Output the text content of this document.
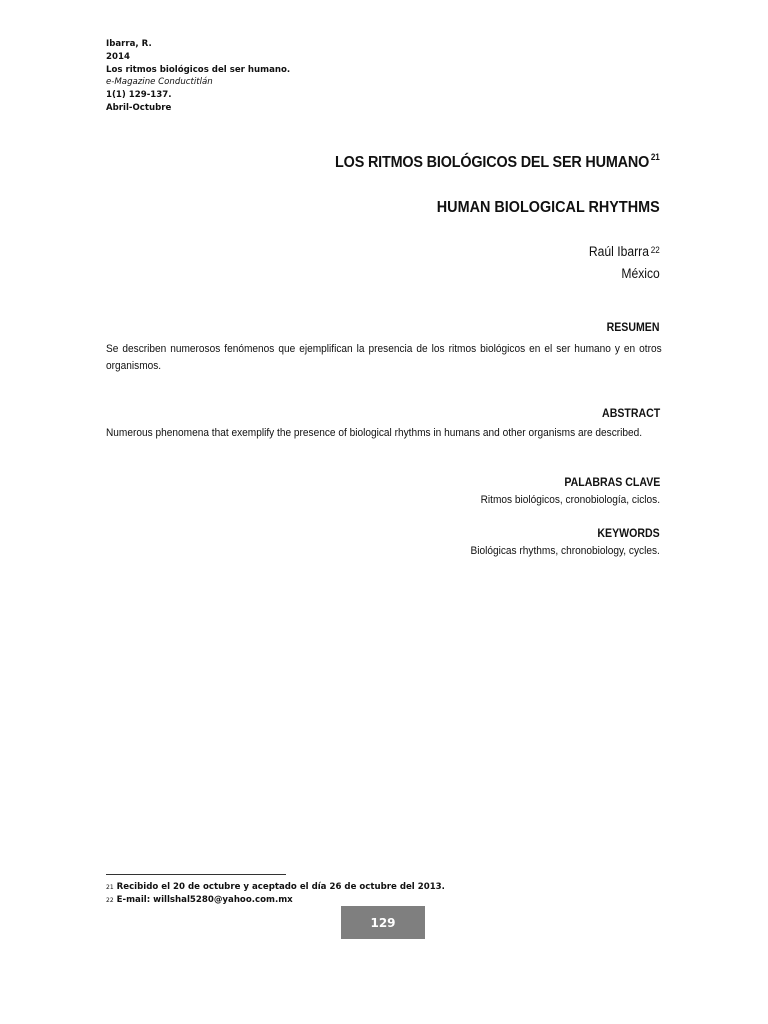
Ibarra, R.
2014
Los ritmos biológicos del ser humano.
e-Magazine Conductitlán
1(1) 129-137.
Abril-Octubre
LOS RITMOS BIOLÓGICOS DEL SER HUMANO $^{21}$
HUMAN BIOLOGICAL RHYTHMS
Raúl Ibarra $^{22}$
México
RESUMEN
Se describen numerosos fenómenos que ejemplifican la presencia de los ritmos biológicos en el ser humano y en otros organismos.
ABSTRACT
Numerous phenomena that exemplify the presence of biological rhythms in humans and other organisms are described.
PALABRAS CLAVE
Ritmos biológicos, cronobiología, ciclos.
KEYWORDS
Biológicas rhythms, chronobiology, cycles.
$^{21}$ Recibido el 20 de octubre y aceptado el día 26 de octubre del 2013.
$^{22}$ E-mail: willshal5280@yahoo.com.mx
129
